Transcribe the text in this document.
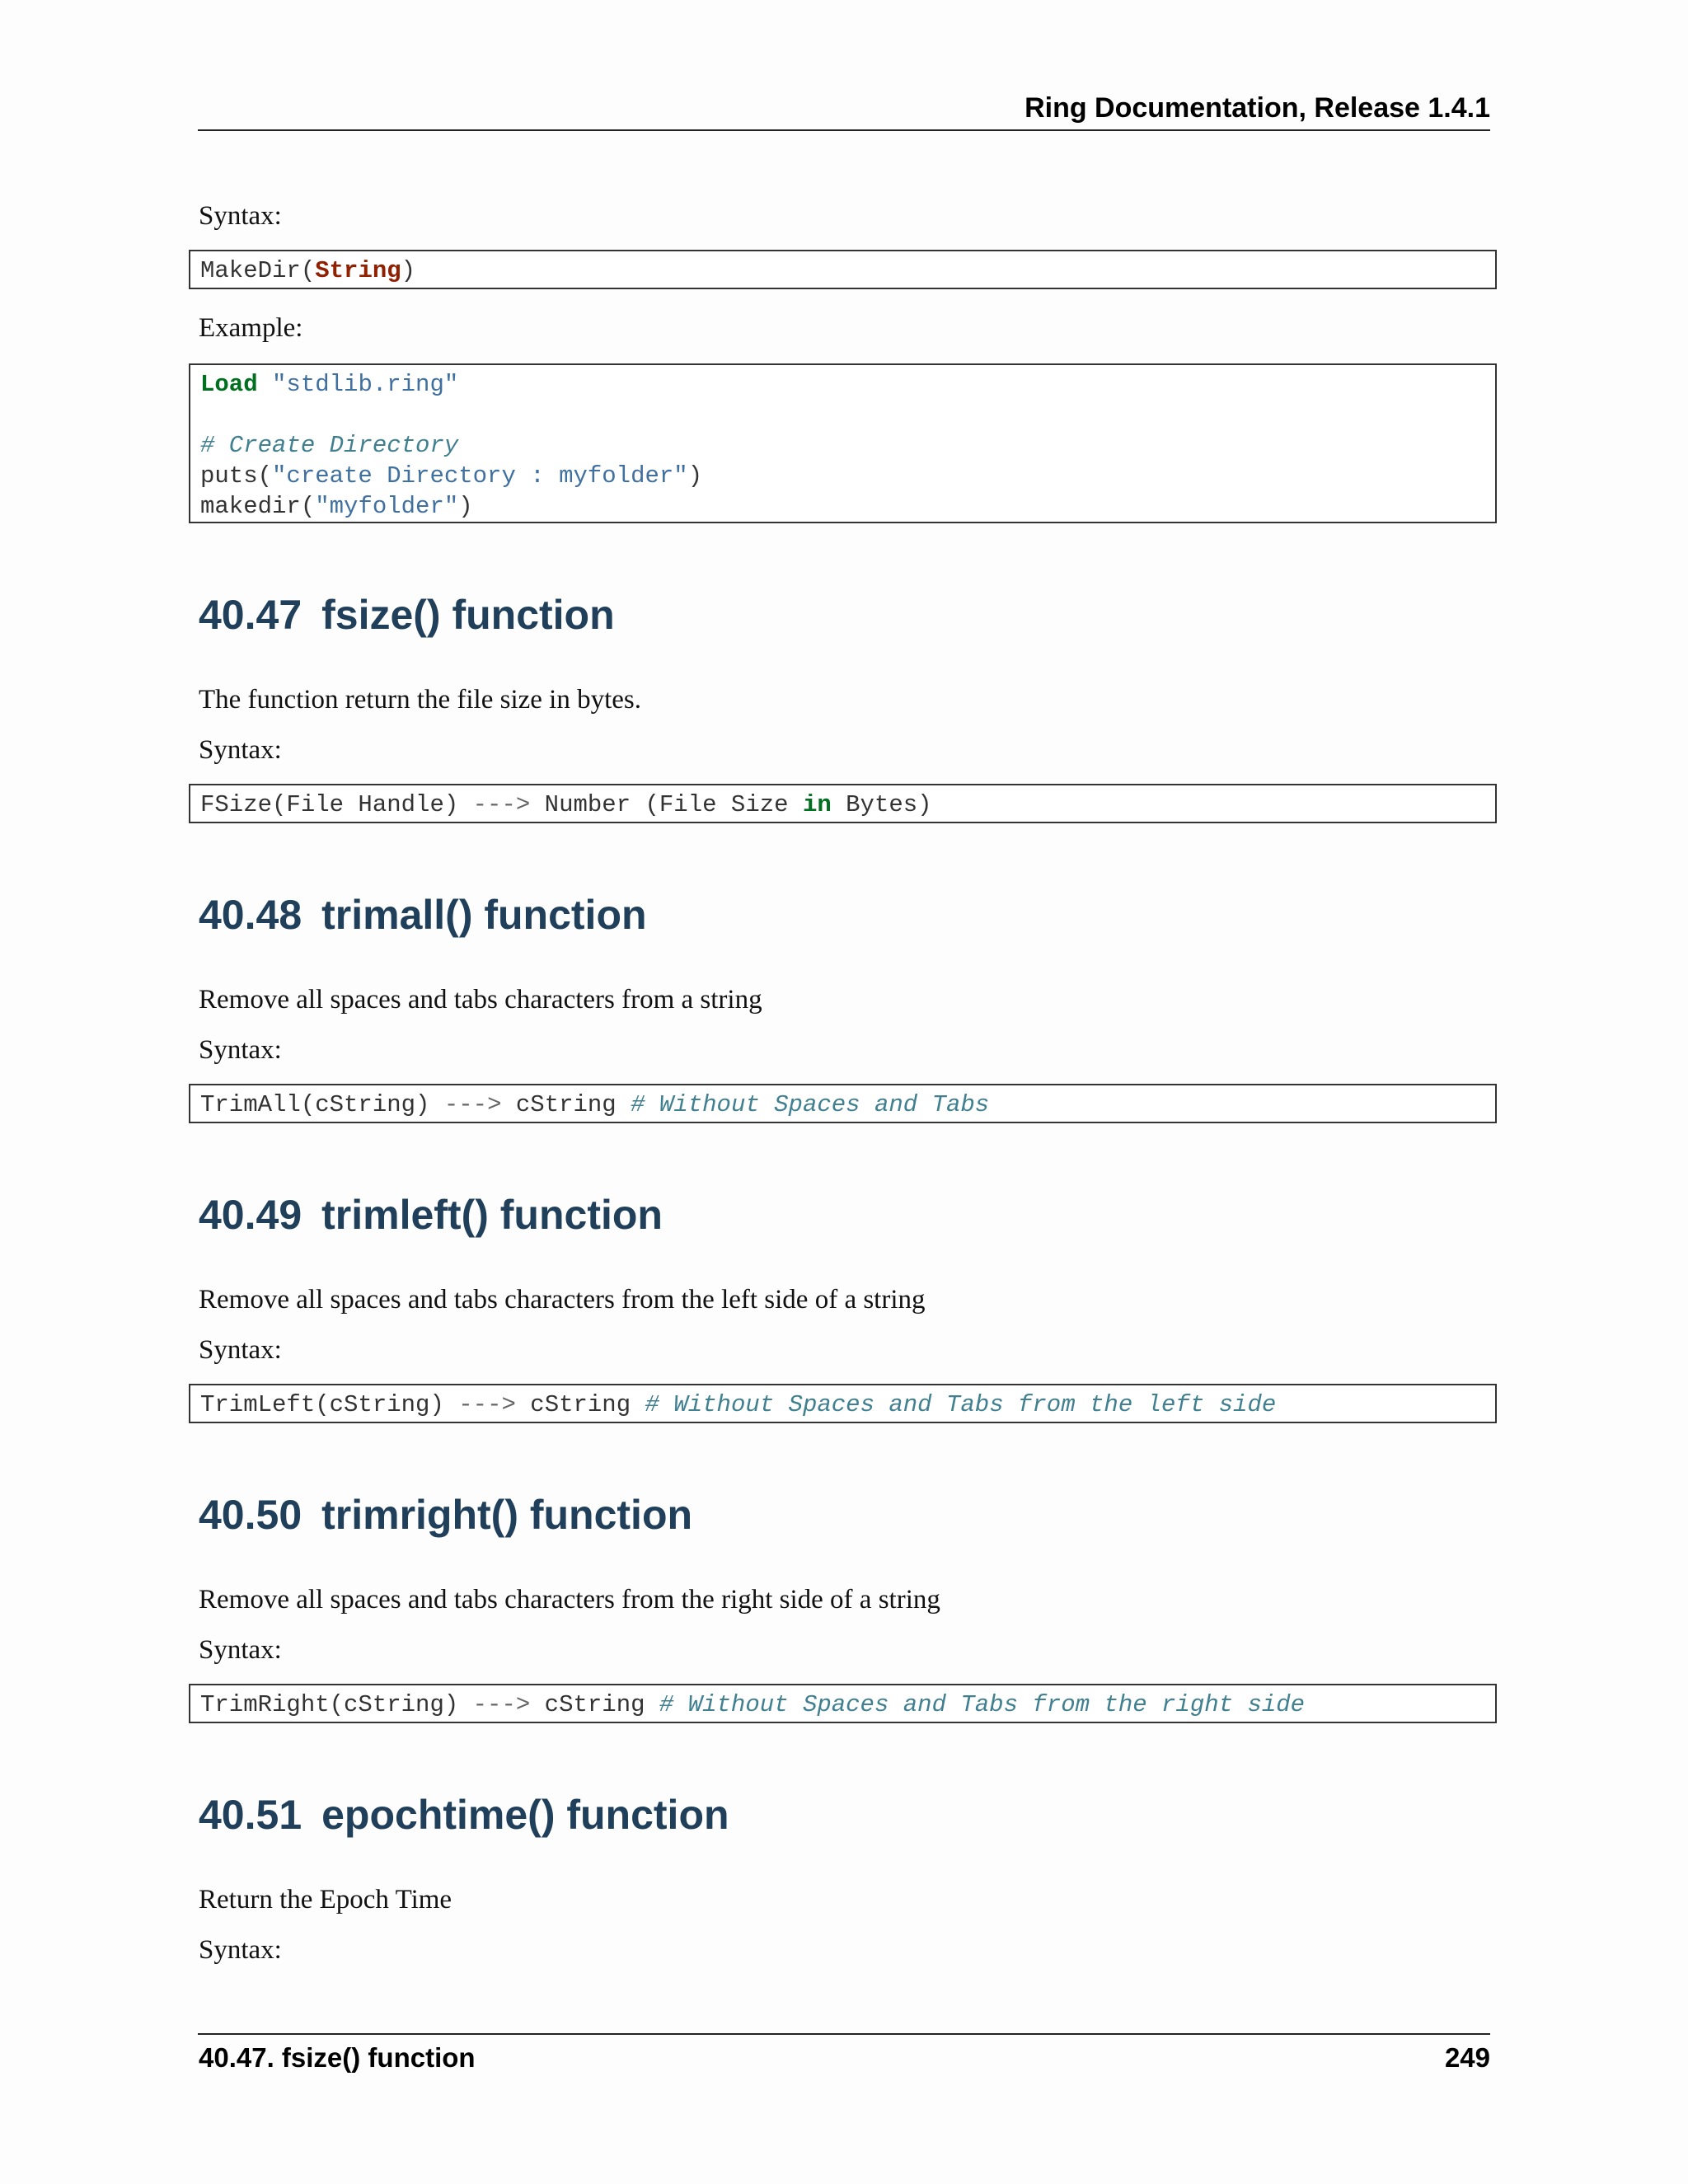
Ring Documentation, Release 1.4.1
Syntax:
MakeDir(String)
Example:
Load "stdlib.ring"
# Create Directory
puts("create Directory : myfolder")
makedir("myfolder")
40.47 fsize() function
The function return the file size in bytes.
Syntax:
FSize(File Handle) ---> Number (File Size in Bytes)
40.48 trimall() function
Remove all spaces and tabs characters from a string
Syntax:
TrimAll(cString) ---> cString # Without Spaces and Tabs
40.49 trimleft() function
Remove all spaces and tabs characters from the left side of a string
Syntax:
TrimLeft(cString) ---> cString # Without Spaces and Tabs from the left side
40.50 trimright() function
Remove all spaces and tabs characters from the right side of a string
Syntax:
TrimRight(cString) ---> cString # Without Spaces and Tabs from the right side
40.51 epochtime() function
Return the Epoch Time
Syntax:
40.47. fsize() function	249
